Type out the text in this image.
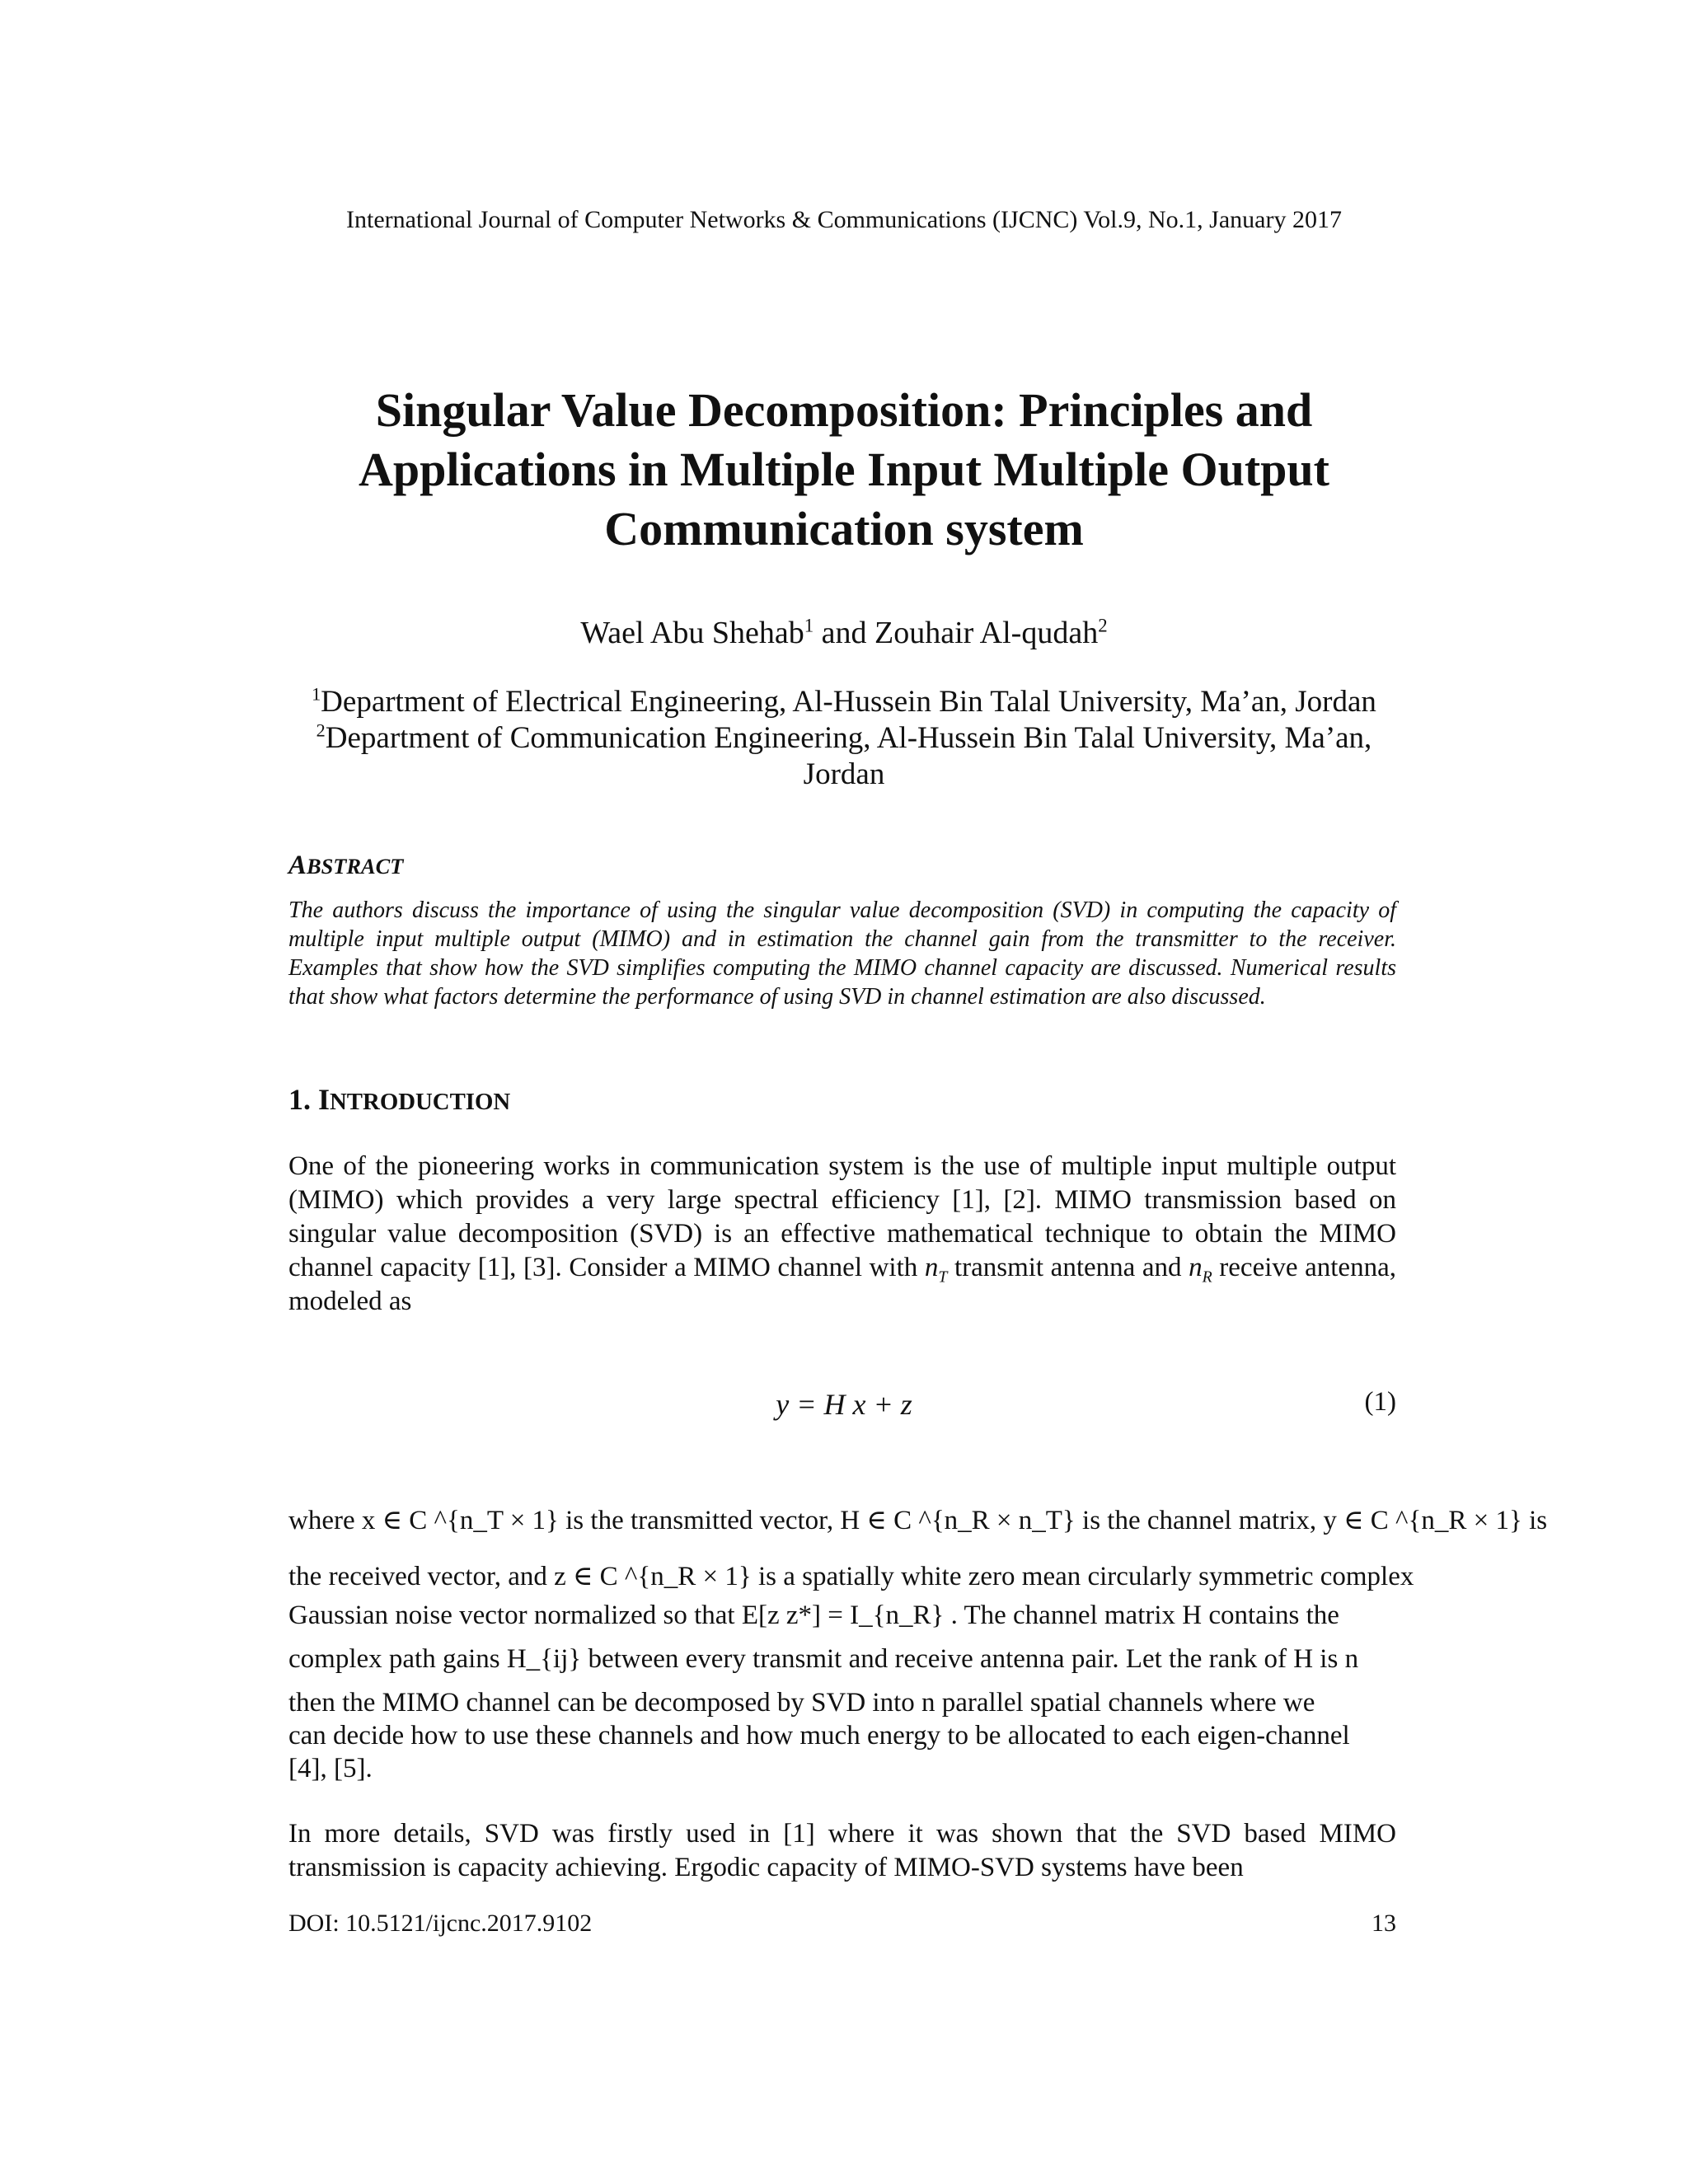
International Journal of Computer Networks & Communications (IJCNC) Vol.9, No.1, January 2017
Singular Value Decomposition: Principles and
Applications in Multiple Input Multiple Output
Communication system
Wael Abu Shehab$^1$ and Zouhair Al-qudah$^2$
$^1$Department of Electrical Engineering, Al-Hussein Bin Talal University, Ma’an, Jordan
$^2$Department of Communication Engineering, Al-Hussein Bin Talal University, Ma’an,
Jordan
ABSTRACT
The authors discuss the importance of using the singular value decomposition (SVD) in computing the capacity of multiple input multiple output (MIMO) and in estimation the channel gain from the transmitter to the receiver. Examples that show how the SVD simplifies computing the MIMO channel capacity are discussed. Numerical results that show what factors determine the performance of using SVD in channel estimation are also discussed.
1. INTRODUCTION
One of the pioneering works in communication system is the use of multiple input multiple output (MIMO) which provides a very large spectral efficiency [1], [2]. MIMO transmission based on singular value decomposition (SVD) is an effective mathematical technique to obtain the MIMO channel capacity [1], [3]. Consider a MIMO channel with $n_T$ transmit antenna and $n_R$ receive antenna, modeled as
y = H x + z	(1)
where x ∈ C ^{n_T × 1} is the transmitted vector, H ∈ C ^{n_R × n_T} is the channel matrix, y ∈ C ^{n_R × 1} is
the received vector, and z ∈ C ^{n_R × 1} is a spatially white zero mean circularly symmetric complex
Gaussian noise vector normalized so that E[z z*] = I_{n_R} . The channel matrix H contains the
complex path gains H_{ij} between every transmit and receive antenna pair. Let the rank of H is n
then the MIMO channel can be decomposed by SVD into n parallel spatial channels where we
can decide how to use these channels and how much energy to be allocated to each eigen-channel
[4], [5].
In more details, SVD was firstly used in [1] where it was shown that the SVD based MIMO transmission is capacity achieving. Ergodic capacity of MIMO-SVD systems have been
DOI: 10.5121/ijcnc.2017.9102	13
